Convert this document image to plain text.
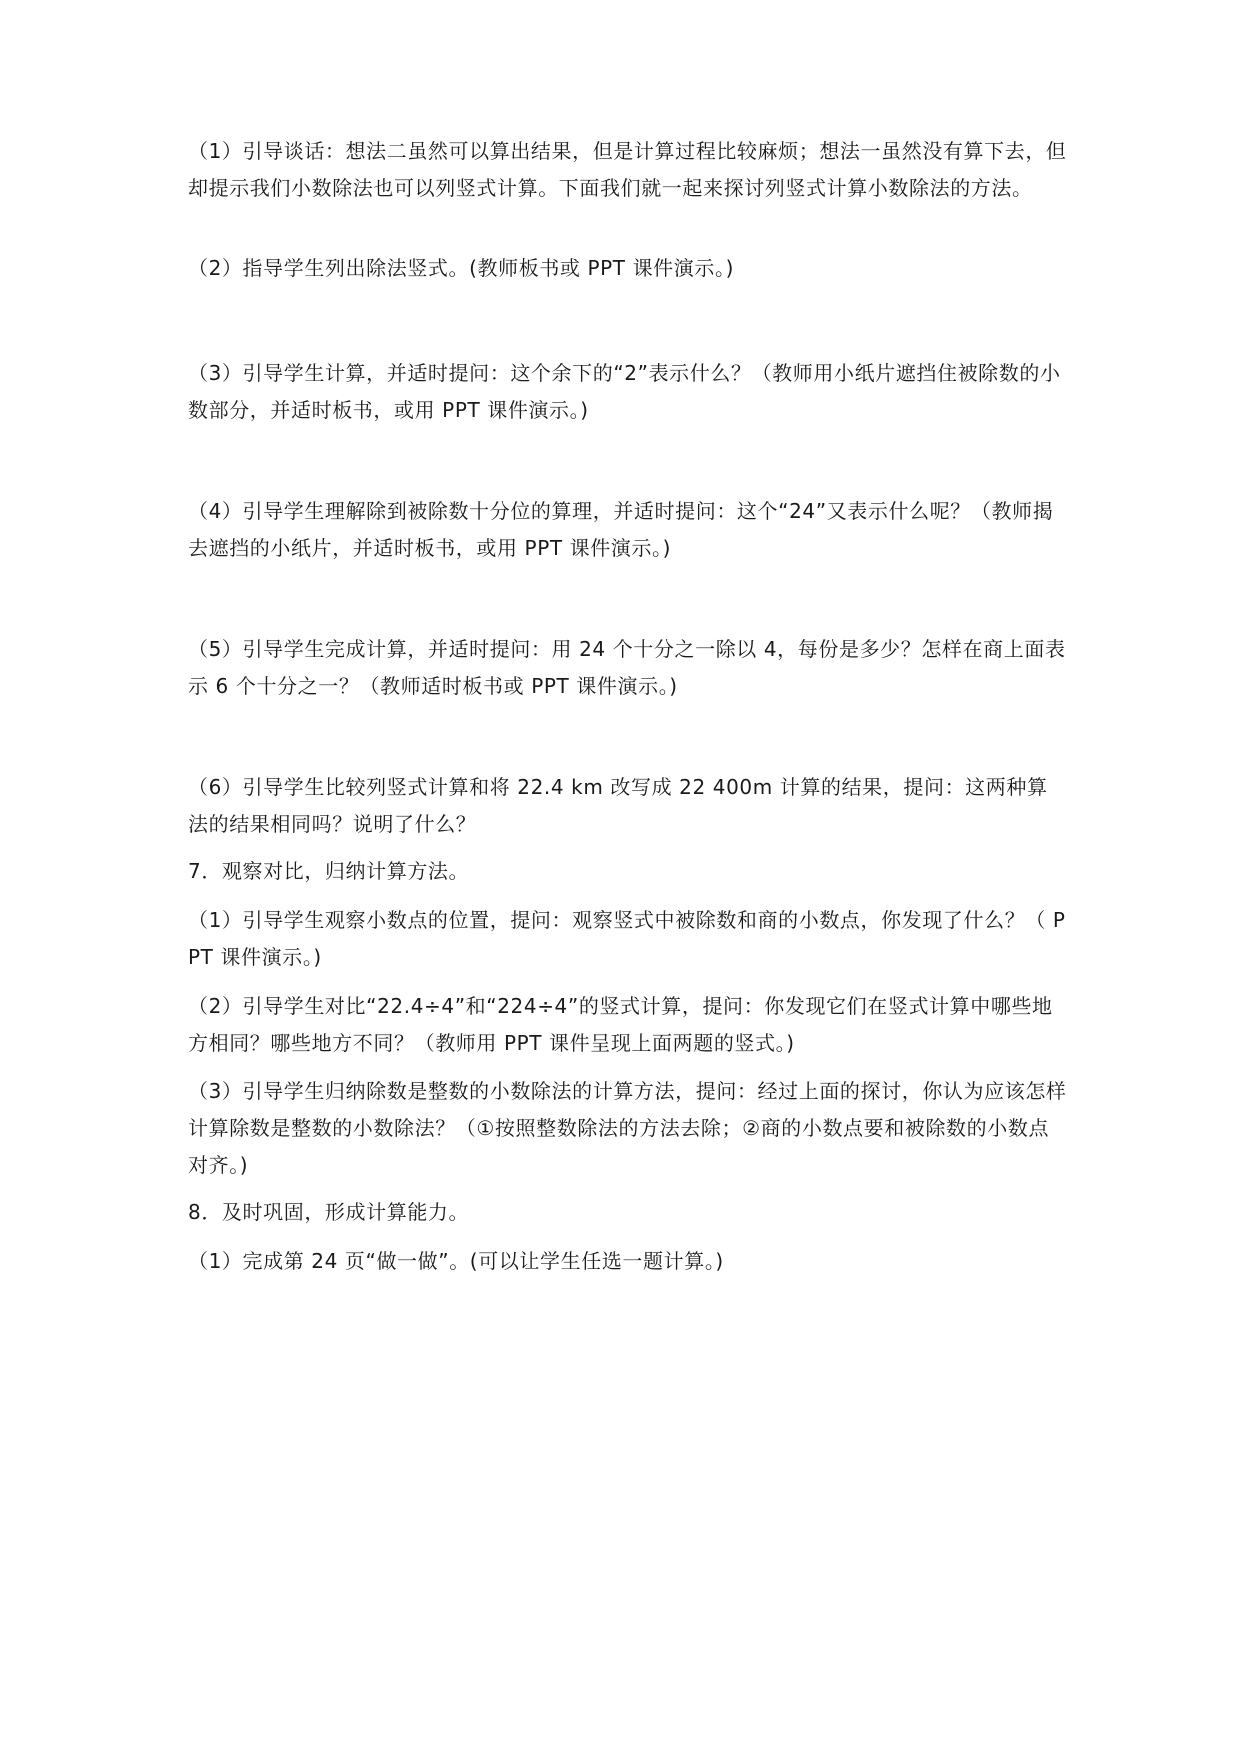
（1）引导谈话：想法二虽然可以算出结果，但是计算过程比较麻烦；想法一虽然没有算下去，但却提示我们小数除法也可以列竖式计算。下面我们就一起来探讨列竖式计算小数除法的方法。

（2）指导学生列出除法竖式。(教师板书或 PPT 课件演示。)

（3）引导学生计算，并适时提问：这个余下的“2”表示什么？（教师用小纸片遮挡住被除数的小数部分，并适时板书，或用 PPT 课件演示。)

（4）引导学生理解除到被除数十分位的算理，并适时提问：这个“24”又表示什么呢？（教师揭去遮挡的小纸片，并适时板书，或用 PPT 课件演示。)

（5）引导学生完成计算，并适时提问：用 24 个十分之一除以 4，每份是多少？怎样在商上面表示 6 个十分之一？（教师适时板书或 PPT 课件演示。)

（6）引导学生比较列竖式计算和将 22.4 km 改写成 22 400m 计算的结果，提问：这两种算法的结果相同吗？说明了什么？

7．观察对比，归纳计算方法。

（1）引导学生观察小数点的位置，提问：观察竖式中被除数和商的小数点，你发现了什么？（ PPT 课件演示。)

（2）引导学生对比“22.4÷4”和“224÷4”的竖式计算，提问：你发现它们在竖式计算中哪些地方相同？哪些地方不同？（教师用 PPT 课件呈现上面两题的竖式。)

（3）引导学生归纳除数是整数的小数除法的计算方法，提问：经过上面的探讨，你认为应该怎样计算除数是整数的小数除法？（①按照整数除法的方法去除；②商的小数点要和被除数的小数点对齐。)

8．及时巩固，形成计算能力。

（1）完成第 24 页“做一做”。(可以让学生任选一题计算。)
